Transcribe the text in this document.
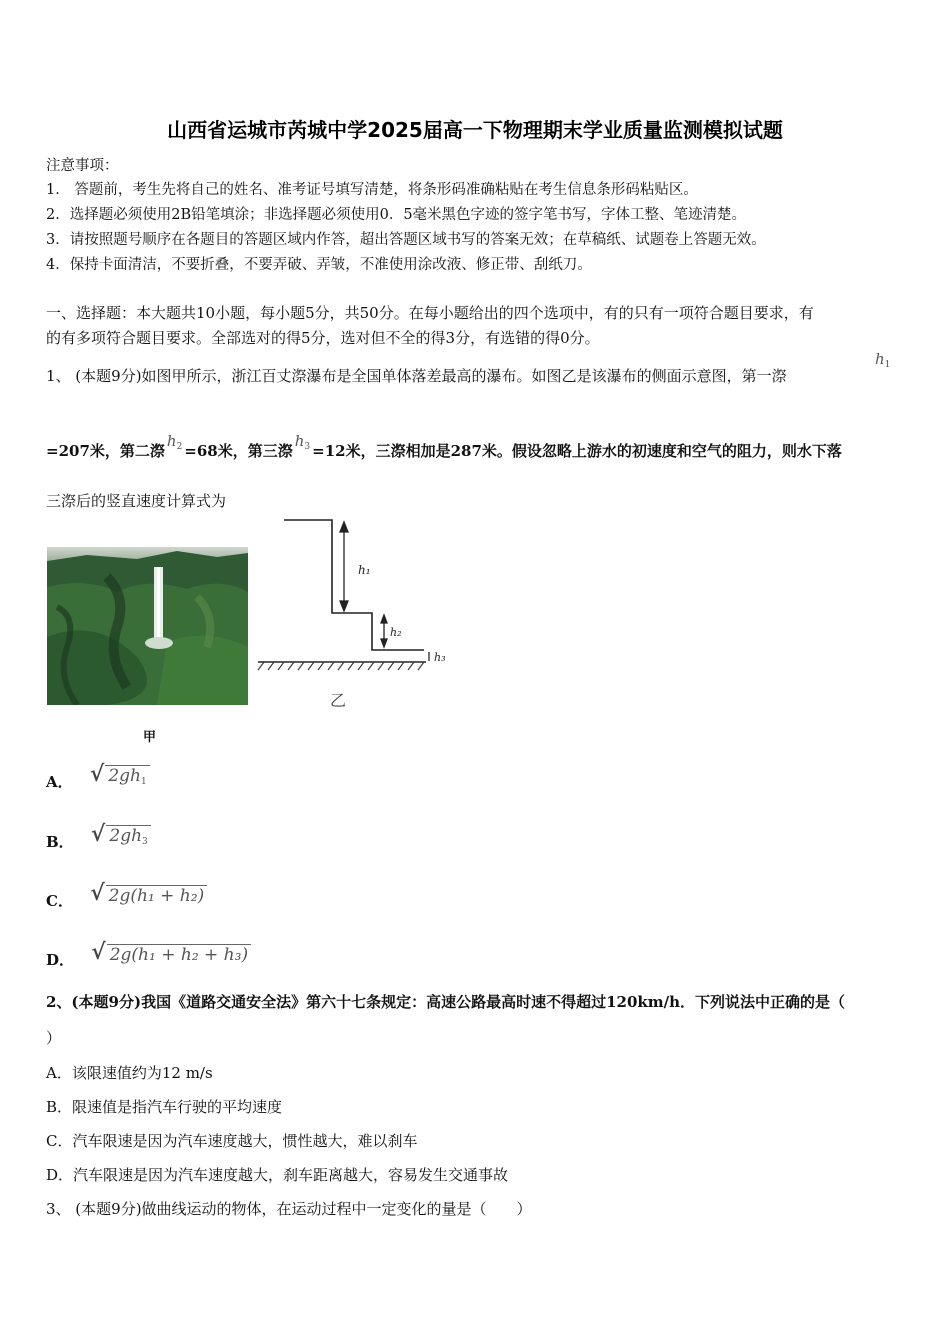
山西省运城市芮城中学2025届高一下物理期末学业质量监测模拟试题
注意事项：
1． 答题前，考生先将自己的姓名、准考证号填写清楚，将条形码准确粘贴在考生信息条形码粘贴区。
2．选择题必须使用2B铅笔填涂；非选择题必须使用0．5毫米黑色字迹的签字笔书写，字体工整、笔迹清楚。
3．请按照题号顺序在各题目的答题区域内作答，超出答题区域书写的答案无效；在草稿纸、试题卷上答题无效。
4．保持卡面清洁，不要折叠，不要弄破、弄皱，不准使用涂改液、修正带、刮纸刀。
一、选择题：本大题共10小题，每小题5分，共50分。在每小题给出的四个选项中，有的只有一项符合题目要求，有
的有多项符合题目要求。全部选对的得5分，选对但不全的得3分，有选错的得0分。
1、 (本题9分)如图甲所示，浙江百丈漈瀑布是全国单体落差最高的瀑布。如图乙是该瀑布的侧面示意图，第一漈
$h_1$
=207米，第二漈$h_2 =68$米，第三漈$h_3 =12$米，三漈相加是287米。假设忽略上游水的初速度和空气的阻力，则水下落
三漈后的竖直速度计算式为
甲
h₁
h₂
h₃
乙
A． √ $2gh_1$
B． √ $2gh_3$
C． √ 2g(h₁ + h₂)
D． √ 2g(h₁ + h₂ + h₃)
2、(本题9分)我国《道路交通安全法》第六十七条规定：高速公路最高时速不得超过120km/h．下列说法中正确的是（
）
A．该限速值约为12 m/s
B．限速值是指汽车行驶的平均速度
C．汽车限速是因为汽车速度越大，惯性越大，难以刹车
D．汽车限速是因为汽车速度越大，刹车距离越大，容易发生交通事故
3、 (本题9分)做曲线运动的物体，在运动过程中一定变化的量是（　　）
